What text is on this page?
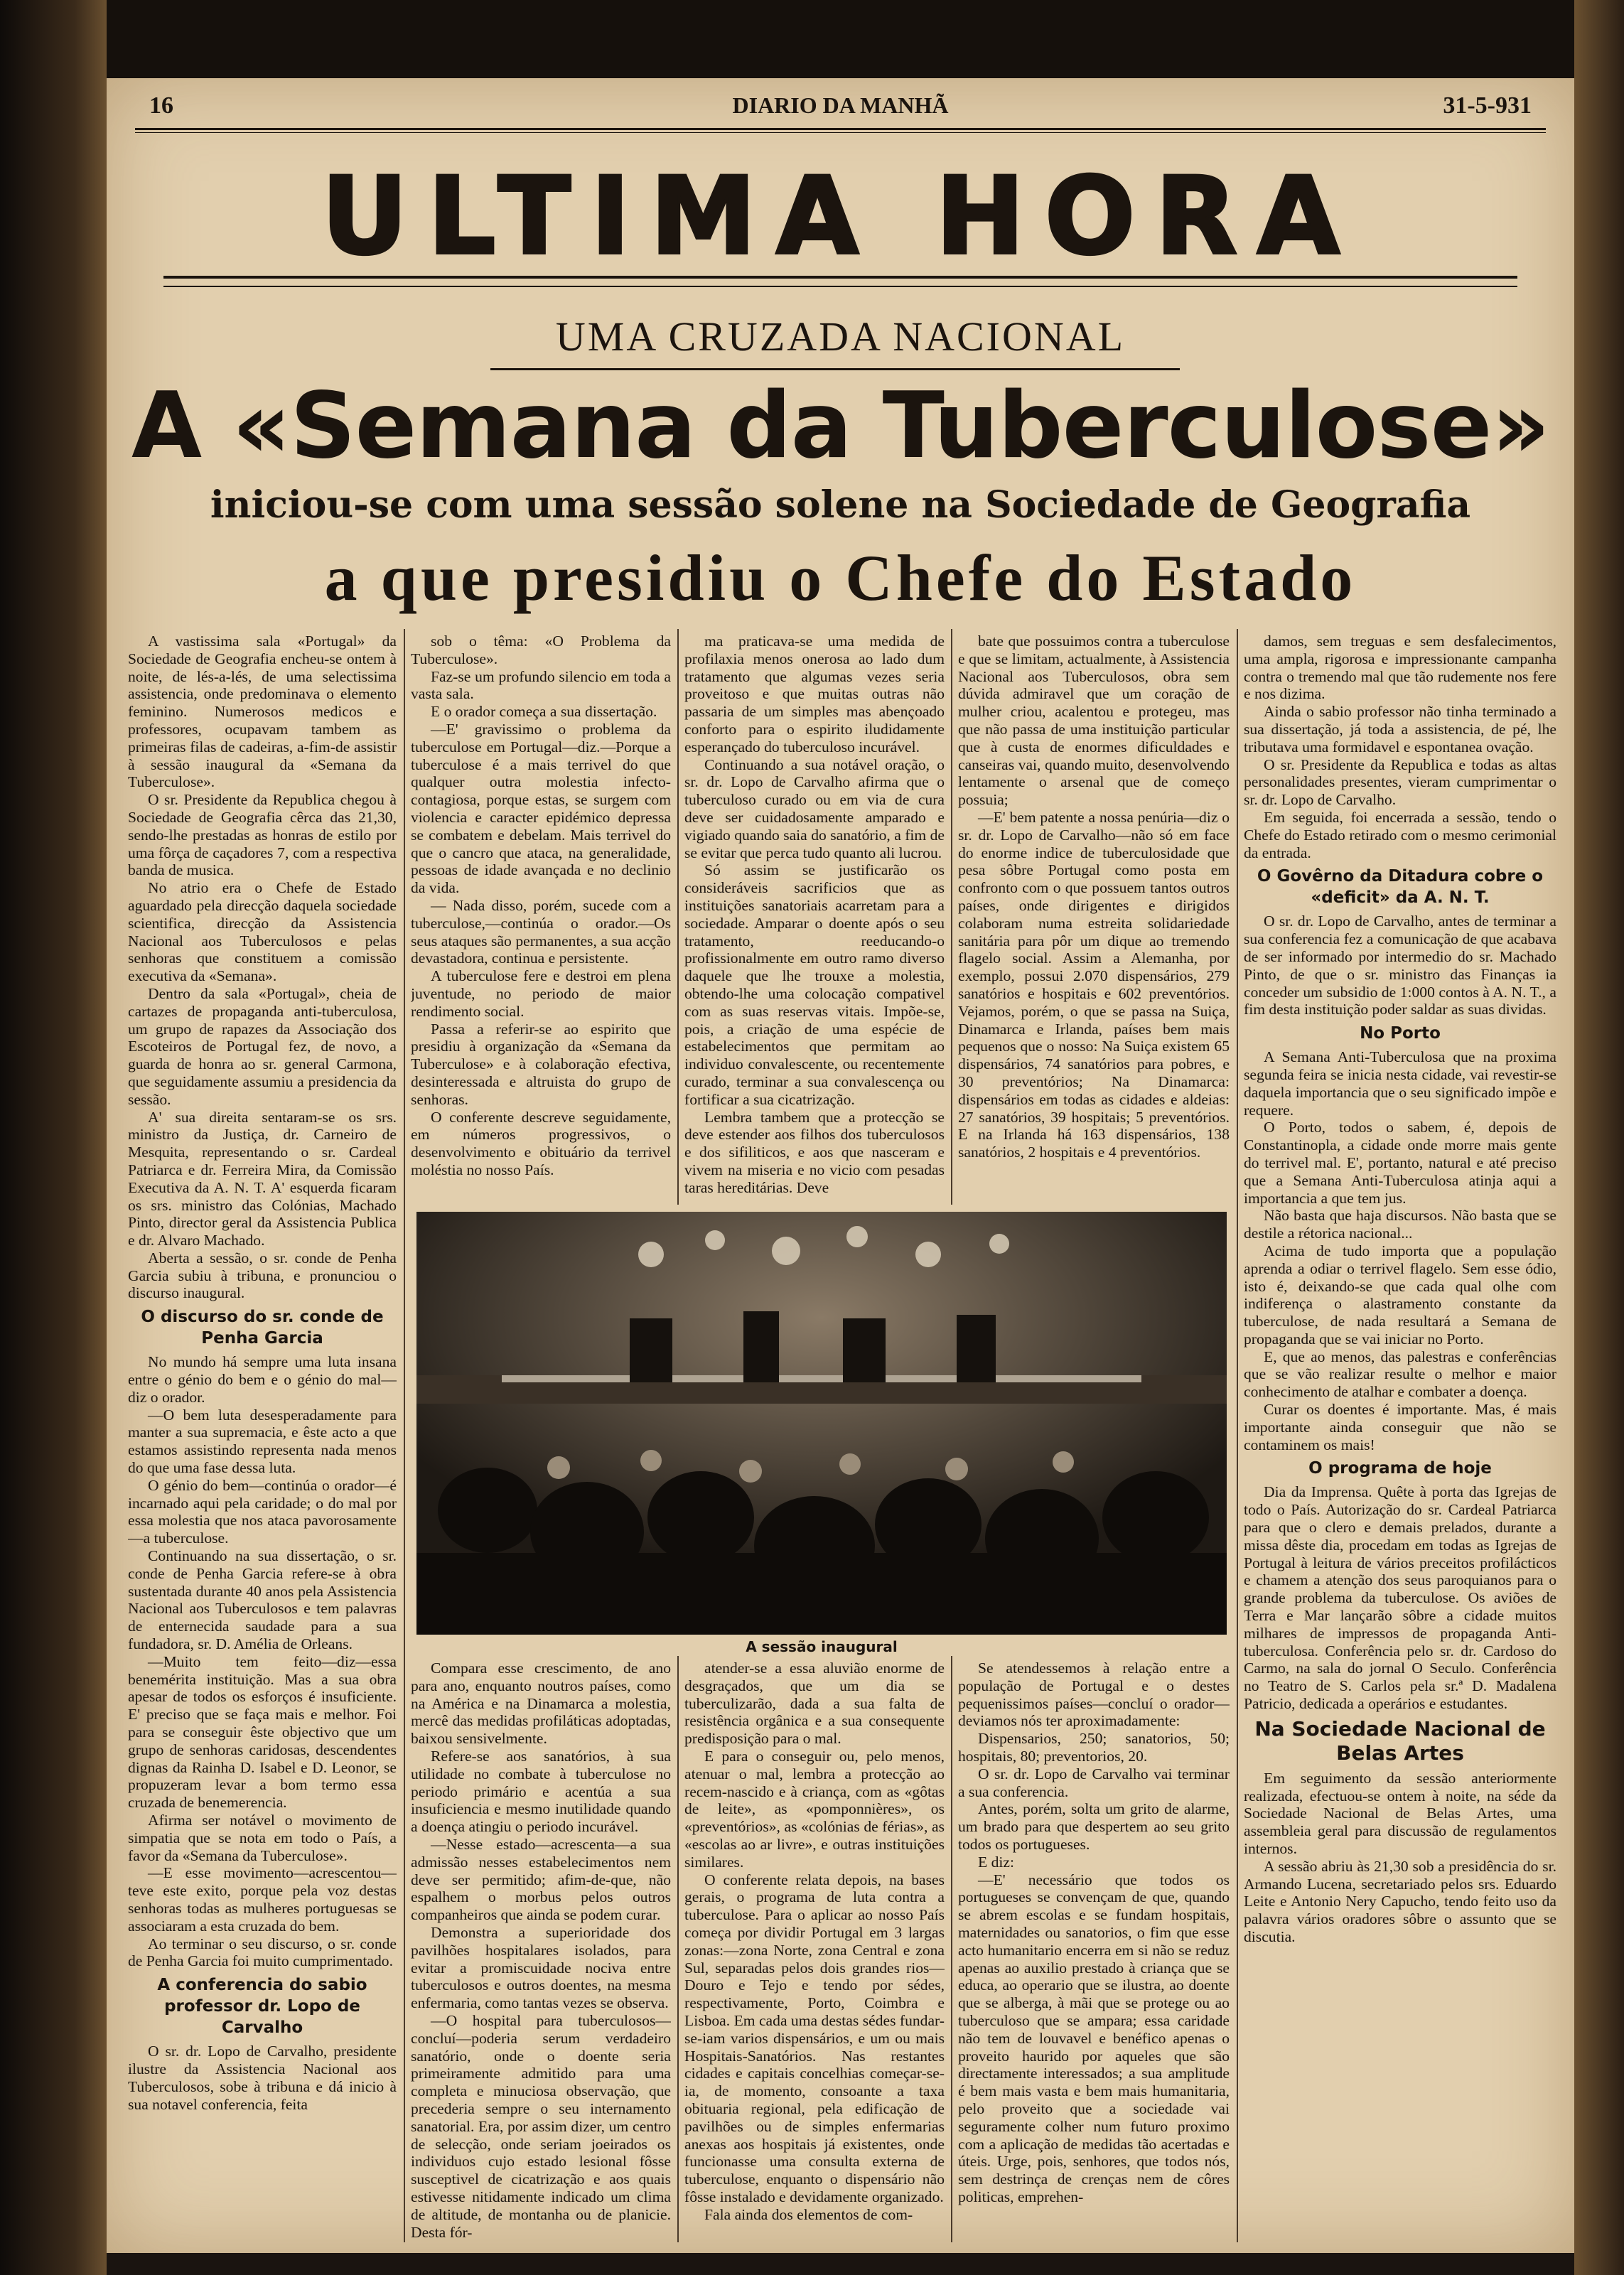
16	DIARIO DA MANHÃ	31-5-931
ULTIMA HORA
UMA CRUZADA NACIONAL
A «Semana da Tuberculose»
iniciou-se com uma sessão solene na Sociedade de Geografia
a que presidiu o Chefe do Estado

A vastissima sala «Portugal» da Sociedade de Geografia encheu-se ontem à noite, de lés-a-lés, de uma selectissima assistencia, onde predominava o elemento feminino. Numerosos medicos e professores, ocupavam tambem as primeiras filas de cadeiras, a-fim-de assistir à sessão inaugural da «Semana da Tuberculose».

O sr. Presidente da Republica chegou à Sociedade de Geografia cêrca das 21,30, sendo-lhe prestadas as honras de estilo por uma fôrça de caçadores 7, com a respectiva banda de musica.

No atrio era o Chefe de Estado aguardado pela direcção daquela sociedade scientifica, direcção da Assistencia Nacional aos Tuberculosos e pelas senhoras que constituem a comissão executiva da «Semana».

Dentro da sala «Portugal», cheia de cartazes de propaganda anti-tuberculosa, um grupo de rapazes da Associação dos Escoteiros de Portugal fez, de novo, a guarda de honra ao sr. general Carmona, que seguidamente assumiu a presidencia da sessão.

A' sua direita sentaram-se os srs. ministro da Justiça, dr. Carneiro de Mesquita, representando o sr. Cardeal Patriarca e dr. Ferreira Mira, da Comissão Executiva da A. N. T. A' esquerda ficaram os srs. ministro das Colónias, Machado Pinto, director geral da Assistencia Publica e dr. Alvaro Machado.

Aberta a sessão, o sr. conde de Penha Garcia subiu à tribuna, e pronunciou o discurso inaugural.

O discurso do sr. conde de Penha Garcia

No mundo há sempre uma luta insana entre o génio do bem e o génio do mal—diz o orador.

—O bem luta desesperadamente para manter a sua supremacia, e êste acto a que estamos assistindo representa nada menos do que uma fase dessa luta.

O génio do bem—continúa o orador—é incarnado aqui pela caridade; o do mal por essa molestia que nos ataca pavorosamente—a tuberculose.

Continuando na sua dissertação, o sr. conde de Penha Garcia refere-se à obra sustentada durante 40 anos pela Assistencia Nacional aos Tuberculosos e tem palavras de enternecida saudade para a sua fundadora, sr. D. Amélia de Orleans.

—Muito tem feito—diz—essa benemérita instituição. Mas a sua obra apesar de todos os esforços é insuficiente. E' preciso que se faça mais e melhor. Foi para se conseguir êste objectivo que um grupo de senhoras caridosas, descendentes dignas da Rainha D. Isabel e D. Leonor, se propuzeram levar a bom termo essa cruzada de benemerencia.

Afirma ser notável o movimento de simpatia que se nota em todo o País, a favor da «Semana da Tuberculose».

—E esse movimento—acrescentou—teve este exito, porque pela voz destas senhoras todas as mulheres portuguesas se associaram a esta cruzada do bem.

Ao terminar o seu discurso, o sr. conde de Penha Garcia foi muito cumprimentado.

A conferencia do sabio professor dr. Lopo de Carvalho

O sr. dr. Lopo de Carvalho, presidente ilustre da Assistencia Nacional aos Tuberculosos, sobe à tribuna e dá inicio à sua notavel conferencia, feita

sob o têma: «O Problema da Tuberculose».

Faz-se um profundo silencio em toda a vasta sala.

E o orador começa a sua dissertação.

—E' gravissimo o problema da tuberculose em Portugal—diz.—Porque a tuberculose é a mais terrivel do que qualquer outra molestia infecto-contagiosa, porque estas, se surgem com violencia e caracter epidémico depressa se combatem e debelam. Mais terrivel do que o cancro que ataca, na generalidade, pessoas de idade avançada e no declinio da vida.

— Nada disso, porém, sucede com a tuberculose,—continúa o orador.—Os seus ataques são permanentes, a sua acção devastadora, continua e persistente.

A tuberculose fere e destroi em plena juventude, no periodo de maior rendimento social.

Passa a referir-se ao espirito que presidiu à organização da «Semana da Tuberculose» e à colaboração efectiva, desinteressada e altruista do grupo de senhoras.

O conferente descreve seguidamente, em números progressivos, o desenvolvimento e obituário da terrivel moléstia no nosso País.

ma praticava-se uma medida de profilaxia menos onerosa ao lado dum tratamento que algumas vezes seria proveitoso e que muitas outras não passaria de um simples mas abençoado conforto para o espirito iludidamente esperançado do tuberculoso incurável.

Continuando a sua notável oração, o sr. dr. Lopo de Carvalho afirma que o tuberculoso curado ou em via de cura deve ser cuidadosamente amparado e vigiado quando saia do sanatório, a fim de se evitar que perca tudo quanto ali lucrou.

Só assim se justificarão os consideráveis sacrificios que as instituições sanatoriais acarretam para a sociedade. Amparar o doente após o seu tratamento, reeducando-o profissionalmente em outro ramo diverso daquele que lhe trouxe a molestia, obtendo-lhe uma colocação compativel com as suas reservas vitais. Impõe-se, pois, a criação de uma espécie de estabelecimentos que permitam ao individuo convalescente, ou recentemente curado, terminar a sua convalescença ou fortificar a sua cicatrização.

Lembra tambem que a protecção se deve estender aos filhos dos tuberculosos e dos sifiliticos, e aos que nasceram e vivem na miseria e no vicio com pesadas taras hereditárias. Deve

bate que possuimos contra a tuberculose e que se limitam, actualmente, à Assistencia Nacional aos Tuberculosos, obra sem dúvida admiravel que um coração de mulher criou, acalentou e protegeu, mas que não passa de uma instituição particular que à custa de enormes dificuldades e canseiras vai, quando muito, desenvolvendo lentamente o arsenal que de começo possuia;

—E' bem patente a nossa penúria—diz o sr. dr. Lopo de Carvalho—não só em face do enorme indice de tuberculosidade que pesa sôbre Portugal como posta em confronto com o que possuem tantos outros países, onde dirigentes e dirigidos colaboram numa estreita solidariedade sanitária para pôr um dique ao tremendo flagelo social. Assim a Alemanha, por exemplo, possui 2.070 dispensários, 279 sanatórios e hospitais e 602 preventórios. Vejamos, porém, o que se passa na Suiça, Dinamarca e Irlanda, países bem mais pequenos que o nosso: Na Suiça existem 65 dispensários, 74 sanatórios para pobres, e 30 preventórios; Na Dinamarca: dispensários em todas as cidades e aldeias: 27 sanatórios, 39 hospitais; 5 preventórios. E na Irlanda há 163 dispensários, 138 sanatórios, 2 hospitais e 4 preventórios.

damos, sem treguas e sem desfalecimentos, uma ampla, rigorosa e impressionante campanha contra o tremendo mal que tão rudemente nos fere e nos dizima.

Ainda o sabio professor não tinha terminado a sua dissertação, já toda a assistencia, de pé, lhe tributava uma formidavel e espontanea ovação.

O sr. Presidente da Republica e todas as altas personalidades presentes, vieram cumprimentar o sr. dr. Lopo de Carvalho.

Em seguida, foi encerrada a sessão, tendo o Chefe do Estado retirado com o mesmo cerimonial da entrada.

O Govêrno da Ditadura cobre o «deficit» da A. N. T.

O sr. dr. Lopo de Carvalho, antes de terminar a sua conferencia fez a comunicação de que acabava de ser informado por intermedio do sr. Machado Pinto, de que o sr. ministro das Finanças ia conceder um subsidio de 1:000 contos à A. N. T., a fim desta instituição poder saldar as suas dividas.

No Porto

A Semana Anti-Tuberculosa que na proxima segunda feira se inicia nesta cidade, vai revestir-se daquela importancia que o seu significado impõe e requere.

O Porto, todos o sabem, é, depois de Constantinopla, a cidade onde morre mais gente do terrivel mal. E', portanto, natural e até preciso que a Semana Anti-Tuberculosa atinja aqui a importancia a que tem jus.

Não basta que haja discursos. Não basta que se destile a rétorica nacional...

Acima de tudo importa que a população aprenda a odiar o terrivel flagelo. Sem esse ódio, isto é, deixando-se que cada qual olhe com indiferença o alastramento constante da tuberculose, de nada resultará a Semana de propaganda que se vai iniciar no Porto.

E, que ao menos, das palestras e conferências que se vão realizar resulte o melhor e maior conhecimento de atalhar e combater a doença.

Curar os doentes é importante. Mas, é mais importante ainda conseguir que não se contaminem os mais!

O programa de hoje

Dia da Imprensa. Quête à porta das Igrejas de todo o País. Autorização do sr. Cardeal Patriarca para que o clero e demais prelados, durante a missa dêste dia, procedam em todas as Igrejas de Portugal à leitura de vários preceitos profilácticos e chamem a atenção dos seus paroquianos para o grande problema da tuberculose. Os aviões de Terra e Mar lançarão sôbre a cidade muitos milhares de impressos de propaganda Anti-tuberculosa. Conferência pelo sr. dr. Cardoso do Carmo, na sala do jornal O Seculo. Conferência no Teatro de S. Carlos pela sr.ª D. Madalena Patricio, dedicada a operários e estudantes.

Na Sociedade Nacional de Belas Artes

Em seguimento da sessão anteriormente realizada, efectuou-se ontem à noite, na séde da Sociedade Nacional de Belas Artes, uma assembleia geral para discussão de regulamentos internos.

A sessão abriu às 21,30 sob a presidência do sr. Armando Lucena, secretariado pelos srs. Eduardo Leite e Antonio Nery Capucho, tendo feito uso da palavra vários oradores sôbre o assunto que se discutia.

A sessão inaugural

Compara esse crescimento, de ano para ano, enquanto noutros países, como na América e na Dinamarca a molestia, mercê das medidas profiláticas adoptadas, baixou sensivelmente.

Refere-se aos sanatórios, à sua utilidade no combate à tuberculose no periodo primário e acentúa a sua insuficiencia e mesmo inutilidade quando a doença atingiu o periodo incurável.

—Nesse estado—acrescenta—a sua admissão nesses estabelecimentos nem deve ser permitido; afim-de-que, não espalhem o morbus pelos outros companheiros que ainda se podem curar.

Demonstra a superioridade dos pavilhões hospitalares isolados, para evitar a promiscuidade nociva entre tuberculosos e outros doentes, na mesma enfermaria, como tantas vezes se observa.

—O hospital para tuberculosos—concluí—poderia serum verdadeiro sanatório, onde o doente seria primeiramente admitido para uma completa e minuciosa observação, que precederia sempre o seu internamento sanatorial. Era, por assim dizer, um centro de selecção, onde seriam joeirados os individuos cujo estado lesional fôsse susceptivel de cicatrização e aos quais estivesse nitidamente indicado um clima de altitude, de montanha ou de planicie. Desta fór-

atender-se a essa aluvião enorme de desgraçados, que um dia se tuberculizarão, dada a sua falta de resistência orgânica e a sua consequente predisposição para o mal.

E para o conseguir ou, pelo menos, atenuar o mal, lembra a protecção ao recem-nascido e à criança, com as «gôtas de leite», as «pomponnières», os «preventórios», as «colónias de férias», as «escolas ao ar livre», e outras instituições similares.

O conferente relata depois, na bases gerais, o programa de luta contra a tuberculose. Para o aplicar ao nosso País começa por dividir Portugal em 3 largas zonas:—zona Norte, zona Central e zona Sul, separadas pelos dois grandes rios—Douro e Tejo e tendo por sédes, respectivamente, Porto, Coimbra e Lisboa. Em cada uma destas sédes fundar-se-iam varios dispensários, e um ou mais Hospitais-Sanatórios. Nas restantes cidades e capitais concelhias começar-se-ia, de momento, consoante a taxa obituaria regional, pela edificação de pavilhões ou de simples enfermarias anexas aos hospitais já existentes, onde funcionasse uma consulta externa de tuberculose, enquanto o dispensário não fôsse instalado e devidamente organizado.

Fala ainda dos elementos de com-

Se atendessemos à relação entre a população de Portugal e o destes pequenissimos países—concluí o orador—deviamos nós ter aproximadamente:

Dispensarios, 250; sanatorios, 50; hospitais, 80; preventorios, 20.

O sr. dr. Lopo de Carvalho vai terminar a sua conferencia.

Antes, porém, solta um grito de alarme, um brado para que despertem ao seu grito todos os portugueses.

E diz:

—E' necessário que todos os portugueses se convençam de que, quando se abrem escolas e se fundam hospitais, maternidades ou sanatorios, o fim que esse acto humanitario encerra em si não se reduz apenas ao auxilio prestado à criança que se educa, ao operario que se ilustra, ao doente que se alberga, à mãi que se protege ou ao tuberculoso que se ampara; essa caridade não tem de louvavel e benéfico apenas o proveito haurido por aqueles que são directamente interessados; a sua amplitude é bem mais vasta e bem mais humanitaria, pelo proveito que a sociedade vai seguramente colher num futuro proximo com a aplicação de medidas tão acertadas e úteis. Urge, pois, senhores, que todos nós, sem destrinça de crenças nem de côres politicas, emprehen-
